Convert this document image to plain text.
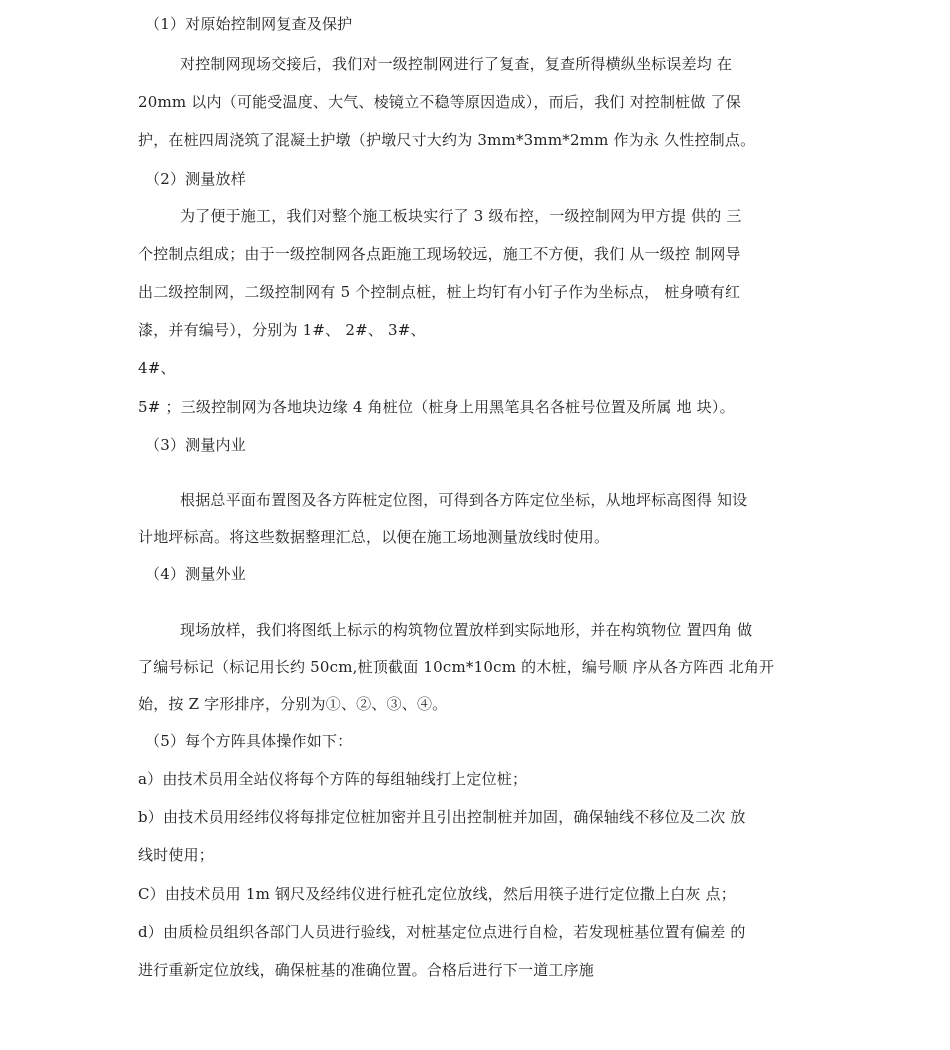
（1）对原始控制网复查及保护
对控制网现场交接后，我们对一级控制网进行了复查，复查所得横纵坐标误差均 在
20mm 以内（可能受温度、大气、棱镜立不稳等原因造成），而后，我们 对控制桩做 了保
护，在桩四周浇筑了混凝土护墩（护墩尺寸大约为 3mm*3mm*2mm 作为永 久性控制点。
（2）测量放样
为了便于施工，我们对整个施工板块实行了 3 级布控，一级控制网为甲方提 供的 三
个控制点组成；由于一级控制网各点距施工现场较远，施工不方便，我们 从一级控 制网导
出二级控制网，二级控制网有 5 个控制点桩，桩上均钉有小钉子作为坐标点， 桩身喷有红
漆，并有编号），分别为 1#、 2#、 3#、
4#、
5# ；三级控制网为各地块边缘 4 角桩位（桩身上用黑笔具名各桩号位置及所属 地 块）。
（3）测量内业
根据总平面布置图及各方阵桩定位图，可得到各方阵定位坐标，从地坪标高图得 知设
计地坪标高。将这些数据整理汇总，以便在施工场地测量放线时使用。
（4）测量外业
现场放样，我们将图纸上标示的构筑物位置放样到实际地形，并在构筑物位 置四角 做
了编号标记（标记用长约 50cm,桩顶截面 10cm*10cm 的木桩，编号顺 序从各方阵西 北角开
始，按 Z 字形排序，分别为①、②、③、④。
（5）每个方阵具体操作如下：
a）由技术员用全站仪将每个方阵的每组轴线打上定位桩；
b）由技术员用经纬仪将每排定位桩加密并且引出控制桩并加固，确保轴线不移位及二次 放
线时使用；
C）由技术员用 1m 钢尺及经纬仪进行桩孔定位放线，然后用筷子进行定位撒上白灰 点；
d）由质检员组织各部门人员进行验线，对桩基定位点进行自检，若发现桩基位置有偏差 的
进行重新定位放线，确保桩基的准确位置。合格后进行下一道工序施
